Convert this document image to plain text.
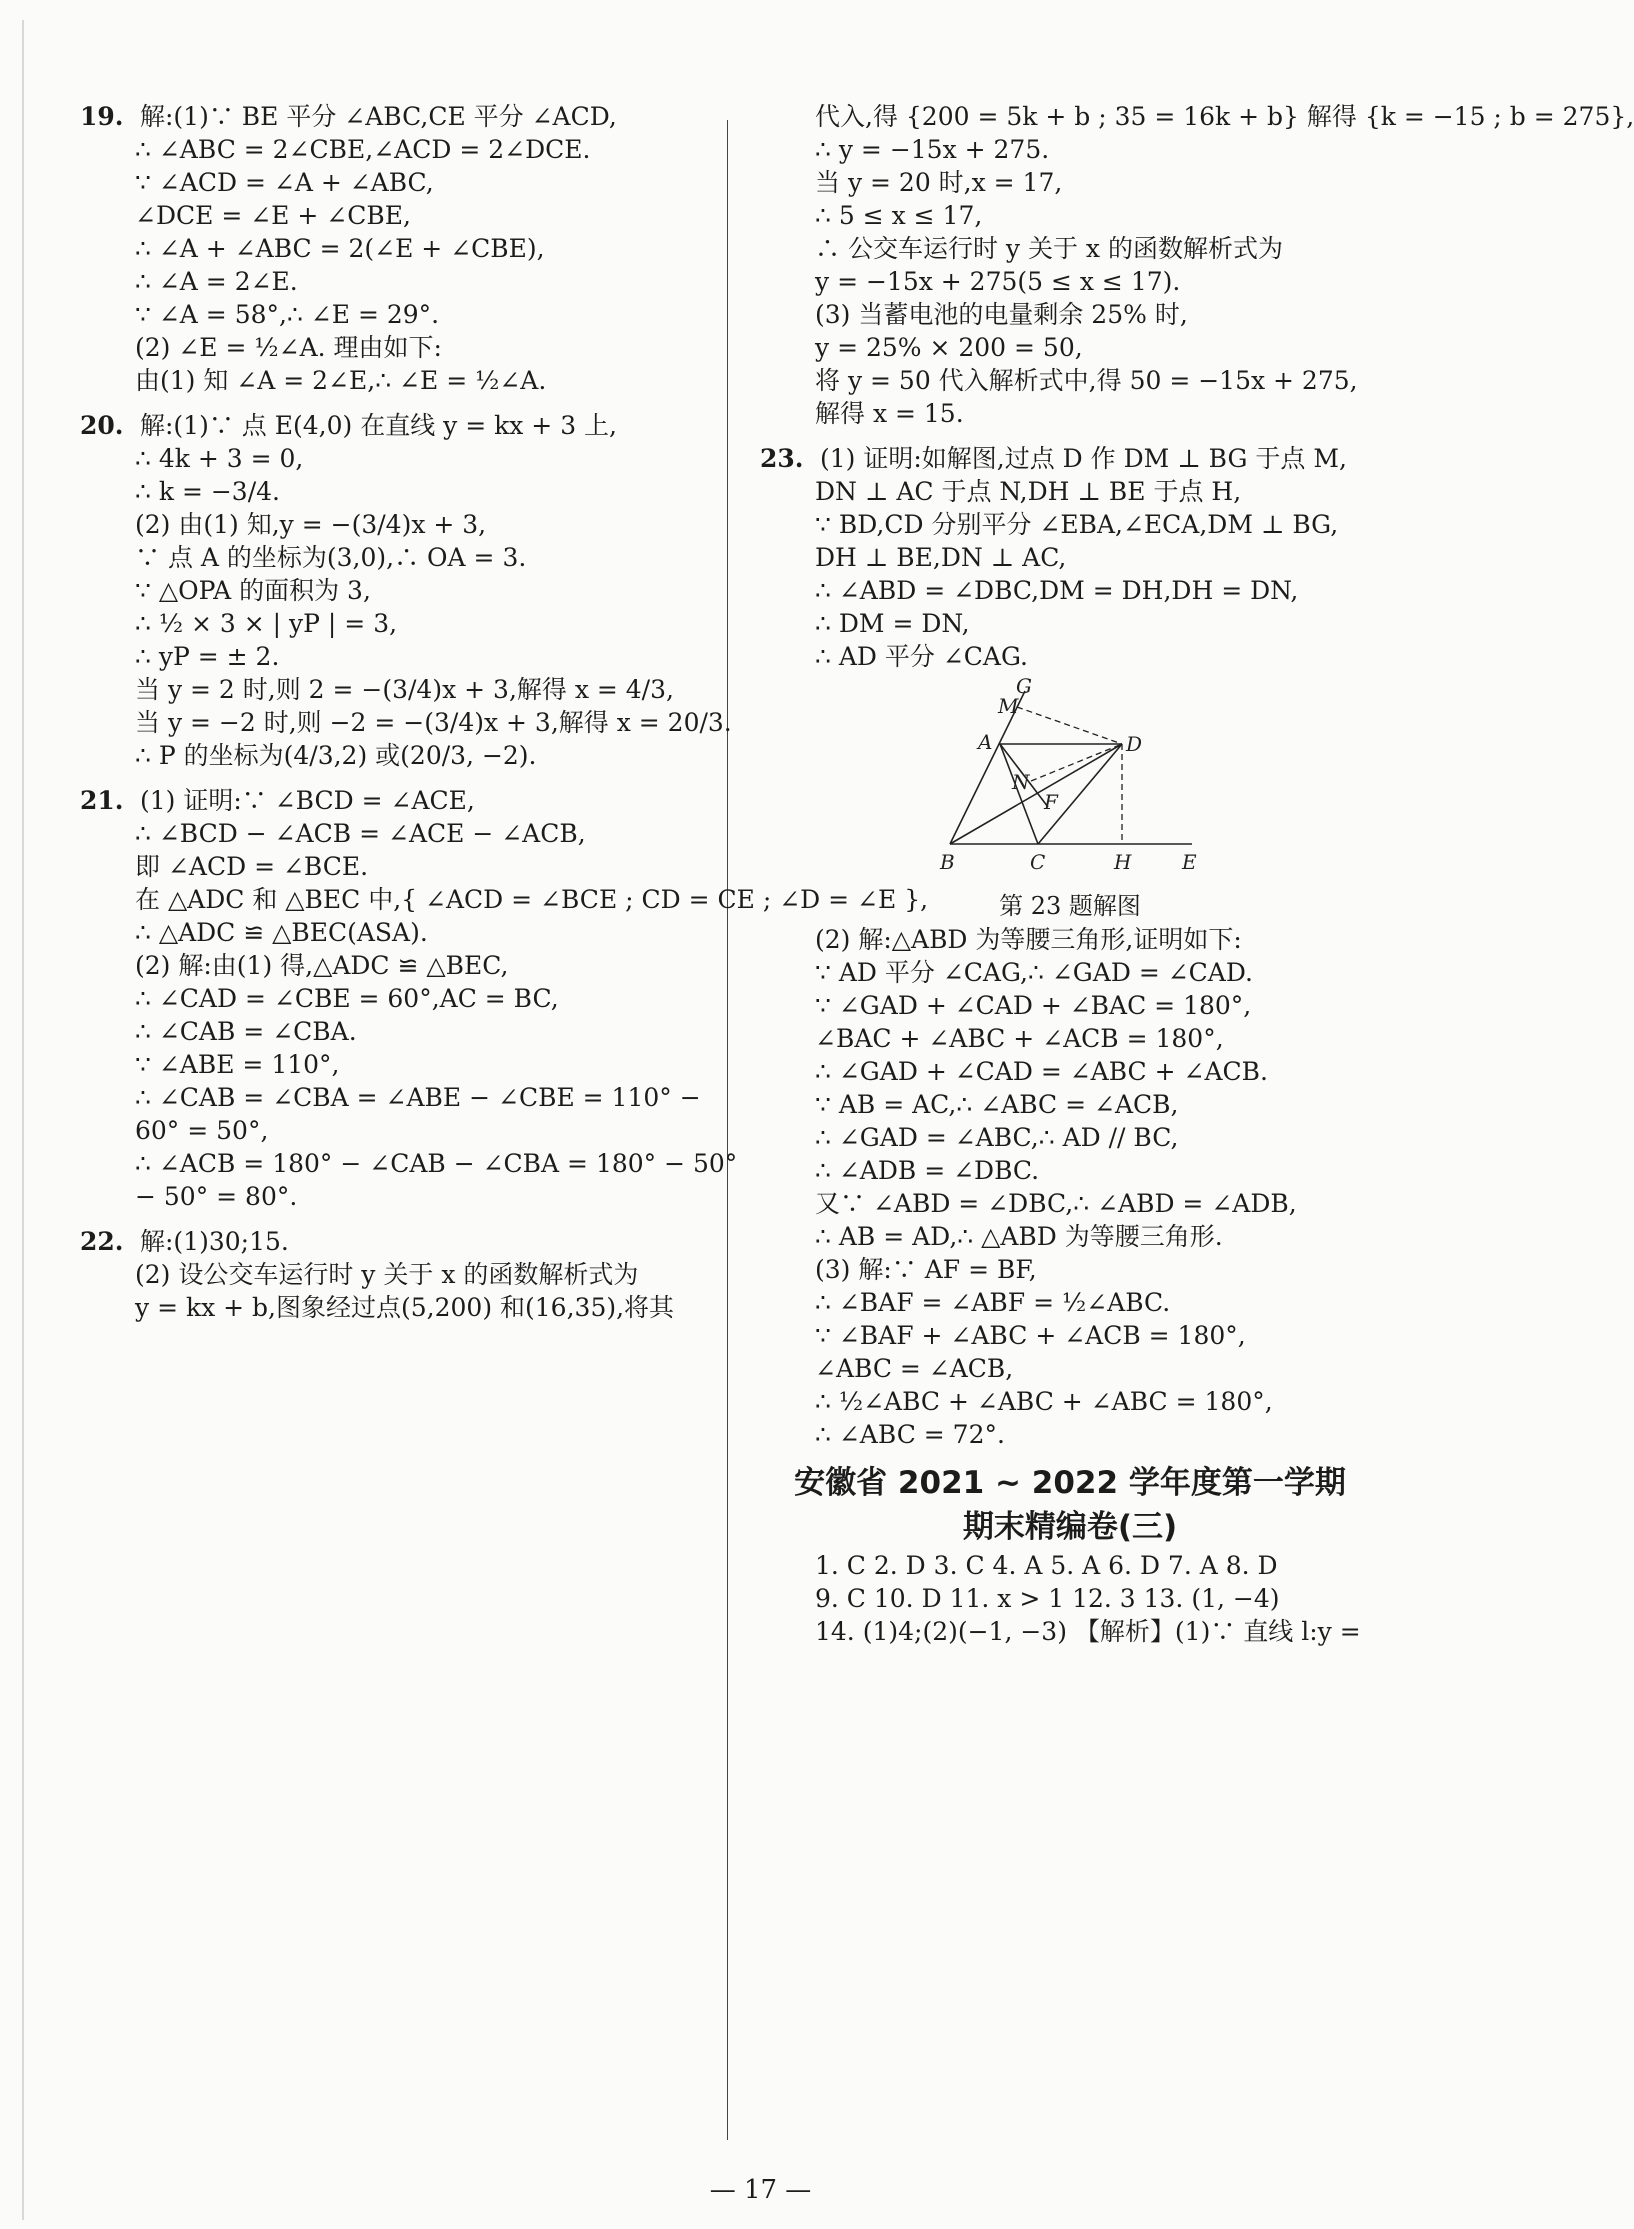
19. 解:(1)∵ BE 平分 ∠ABC,CE 平分 ∠ACD,
∴ ∠ABC = 2∠CBE,∠ACD = 2∠DCE.
∵ ∠ACD = ∠A + ∠ABC,
∠DCE = ∠E + ∠CBE,
∴ ∠A + ∠ABC = 2(∠E + ∠CBE),
∴ ∠A = 2∠E.
∵ ∠A = 58°,∴ ∠E = 29°.
(2) ∠E = ½∠A. 理由如下:
由(1) 知 ∠A = 2∠E,∴ ∠E = ½∠A.
20. 解:(1)∵ 点 E(4,0) 在直线 y = kx + 3 上,
∴ 4k + 3 = 0,
∴ k = −3/4.
(2) 由(1) 知,y = −(3/4)x + 3,
∵ 点 A 的坐标为(3,0),∴ OA = 3.
∵ △OPA 的面积为 3,
∴ ½ × 3 × | yP | = 3,
∴ yP = ± 2.
当 y = 2 时,则 2 = −(3/4)x + 3,解得 x = 4/3,
当 y = −2 时,则 −2 = −(3/4)x + 3,解得 x = 20/3.
∴ P 的坐标为(4/3,2) 或(20/3, −2).
21. (1) 证明:∵ ∠BCD = ∠ACE,
∴ ∠BCD − ∠ACB = ∠ACE − ∠ACB,
即 ∠ACD = ∠BCE.
在 △ADC 和 △BEC 中,{ ∠ACD = ∠BCE ; CD = CE ; ∠D = ∠E },
∴ △ADC ≌ △BEC(ASA).
(2) 解:由(1) 得,△ADC ≌ △BEC,
∴ ∠CAD = ∠CBE = 60°,AC = BC,
∴ ∠CAB = ∠CBA.
∵ ∠ABE = 110°,
∴ ∠CAB = ∠CBA = ∠ABE − ∠CBE = 110° −
60° = 50°,
∴ ∠ACB = 180° − ∠CAB − ∠CBA = 180° − 50°
− 50° = 80°.
22. 解:(1)30;15.
(2) 设公交车运行时 y 关于 x 的函数解析式为
y = kx + b,图象经过点(5,200) 和(16,35),将其
代入,得 {200 = 5k + b ; 35 = 16k + b} 解得 {k = −15 ; b = 275},
∴ y = −15x + 275.
当 y = 20 时,x = 17,
∴ 5 ≤ x ≤ 17,
∴ 公交车运行时 y 关于 x 的函数解析式为
y = −15x + 275(5 ≤ x ≤ 17).
(3) 当蓄电池的电量剩余 25% 时,
y = 25% × 200 = 50,
将 y = 50 代入解析式中,得 50 = −15x + 275,
解得 x = 15.
23. (1) 证明:如解图,过点 D 作 DM ⊥ BG 于点 M,
DN ⊥ AC 于点 N,DH ⊥ BE 于点 H,
∵ BD,CD 分别平分 ∠EBA,∠ECA,DM ⊥ BG,
DH ⊥ BE,DN ⊥ AC,
∴ ∠ABD = ∠DBC,DM = DH,DH = DN,
∴ DM = DN,
∴ AD 平分 ∠CAG.
G
M
A	D
N
F
B	C	H	E
第 23 题解图
(2) 解:△ABD 为等腰三角形,证明如下:
∵ AD 平分 ∠CAG,∴ ∠GAD = ∠CAD.
∵ ∠GAD + ∠CAD + ∠BAC = 180°,
∠BAC + ∠ABC + ∠ACB = 180°,
∴ ∠GAD + ∠CAD = ∠ABC + ∠ACB.
∵ AB = AC,∴ ∠ABC = ∠ACB,
∴ ∠GAD = ∠ABC,∴ AD // BC,
∴ ∠ADB = ∠DBC.
又∵ ∠ABD = ∠DBC,∴ ∠ABD = ∠ADB,
∴ AB = AD,∴ △ABD 为等腰三角形.
(3) 解:∵ AF = BF,
∴ ∠BAF = ∠ABF = ½∠ABC.
∵ ∠BAF + ∠ABC + ∠ACB = 180°,
∠ABC = ∠ACB,
∴ ½∠ABC + ∠ABC + ∠ABC = 180°,
∴ ∠ABC = 72°.
安徽省 2021 ~ 2022 学年度第一学期
期末精编卷(三)
1. C 2. D 3. C 4. A 5. A 6. D 7. A 8. D
9. C 10. D 11. x > 1 12. 3 13. (1, −4)
14. (1)4;(2)(−1, −3) 【解析】(1)∵ 直线 l:y =
— 17 —
